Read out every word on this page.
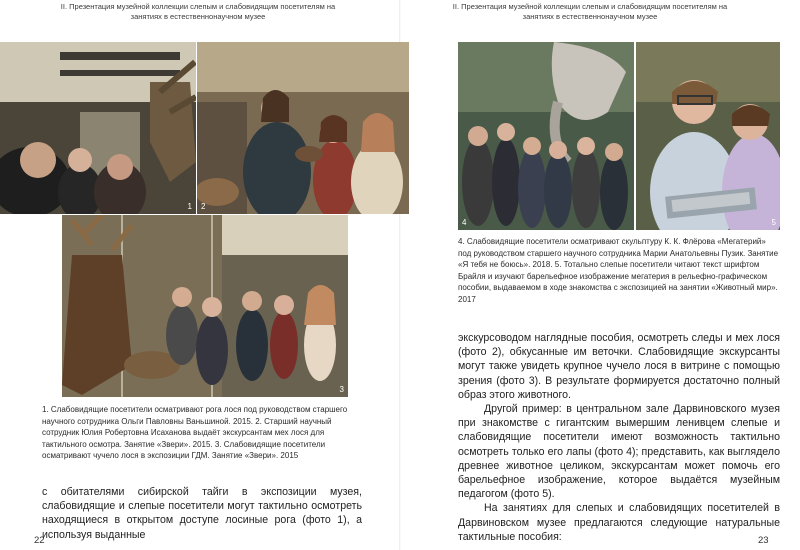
II. Презентация музейной коллекции слепым и слабовидящим посетителям на занятиях в естественнонаучном музее
1 2
3
1. Слабовидящие посетители осматривают рога лося под руководством старшего научного сотрудника Ольги Павловны Ваньшиной. 2015. 2. Старший научный сотрудник Юлия Робертовна Исаханова выдаёт экскурсантам мех лося для тактильного осмотра. Занятие «Звери». 2015. 3. Слабовидящие посетители осматривают чучело лося в экспозиции ГДМ. Занятие «Звери». 2015
с обитателями сибирской тайги в экспозиции музея, слабовидящие и слепые посетители могут тактильно осмотреть находящиеся в открытом доступе лосиные рога (фото 1), а используя выданные
22
II. Презентация музейной коллекции слепым и слабовидящим посетителям на занятиях в естественнонаучном музее
4	5
4. Слабовидящие посетители осматривают скульптуру К. К. Флёрова «Мегатерий» под руководством старшего научного сотрудника Марии Анатольевны Пузик. Занятие «Я тебя не боюсь». 2018. 5. Тотально слепые посетители читают текст шрифтом Брайля и изучают барельефное изображение мегатерия в рельефно-графическом пособии, выдаваемом в ходе знакомства с экспозицией на занятии «Животный мир». 2017

экскурсоводом наглядные пособия, осмотреть следы и мех лося (фото 2), обкусанные им веточки. Слабовидящие экскурсанты могут также увидеть крупное чучело лося в витрине с помощью зрения (фото 3). В результате формируется достаточно полный образ этого животного.

Другой пример: в центральном зале Дарвиновского музея при знакомстве с гигантским вымершим ленивцем слепые и слабовидящие посетители имеют возможность тактильно осмотреть только его лапы (фото 4); представить, как выглядело древнее животное целиком, экскурсантам может помочь его барельефное изображение, которое выдаётся музейным педагогом (фото 5).

На занятиях для слепых и слабовидящих посетителей в Дарвиновском музее предлагаются следующие натуральные тактильные пособия:	23
